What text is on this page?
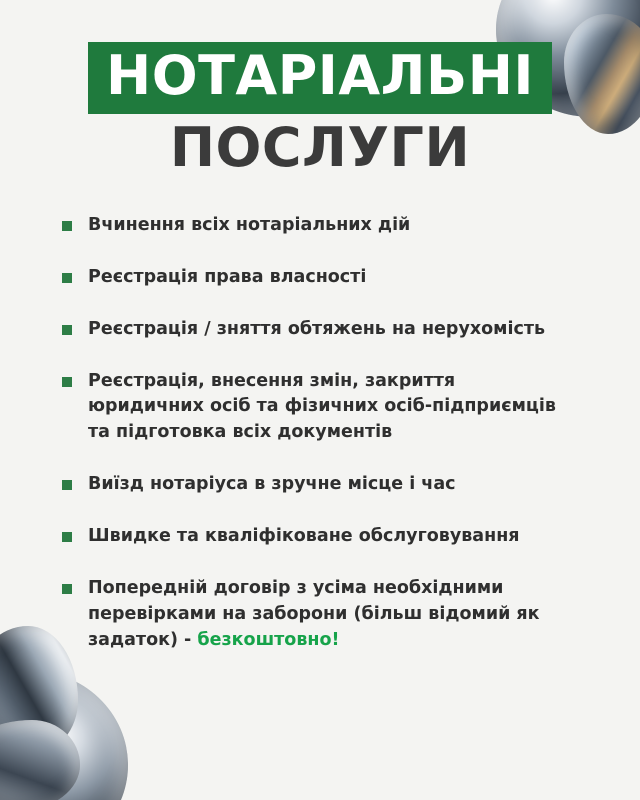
НОТАРІАЛЬНІ
ПОСЛУГИ
Вчинення всіх нотаріальних дій
Реєстрація права власності
Реєстрація / зняття обтяжень на нерухомість
Реєстрація, внесення змін, закриття юридичних осіб та фізичних осіб-підприємців та підготовка всіх документів
Виїзд нотаріуса в зручне місце і час
Швидке та кваліфіковане обслуговування
Попередній договір з усіма необхідними перевірками на заборони (більш відомий як задаток) - безкоштовно!
